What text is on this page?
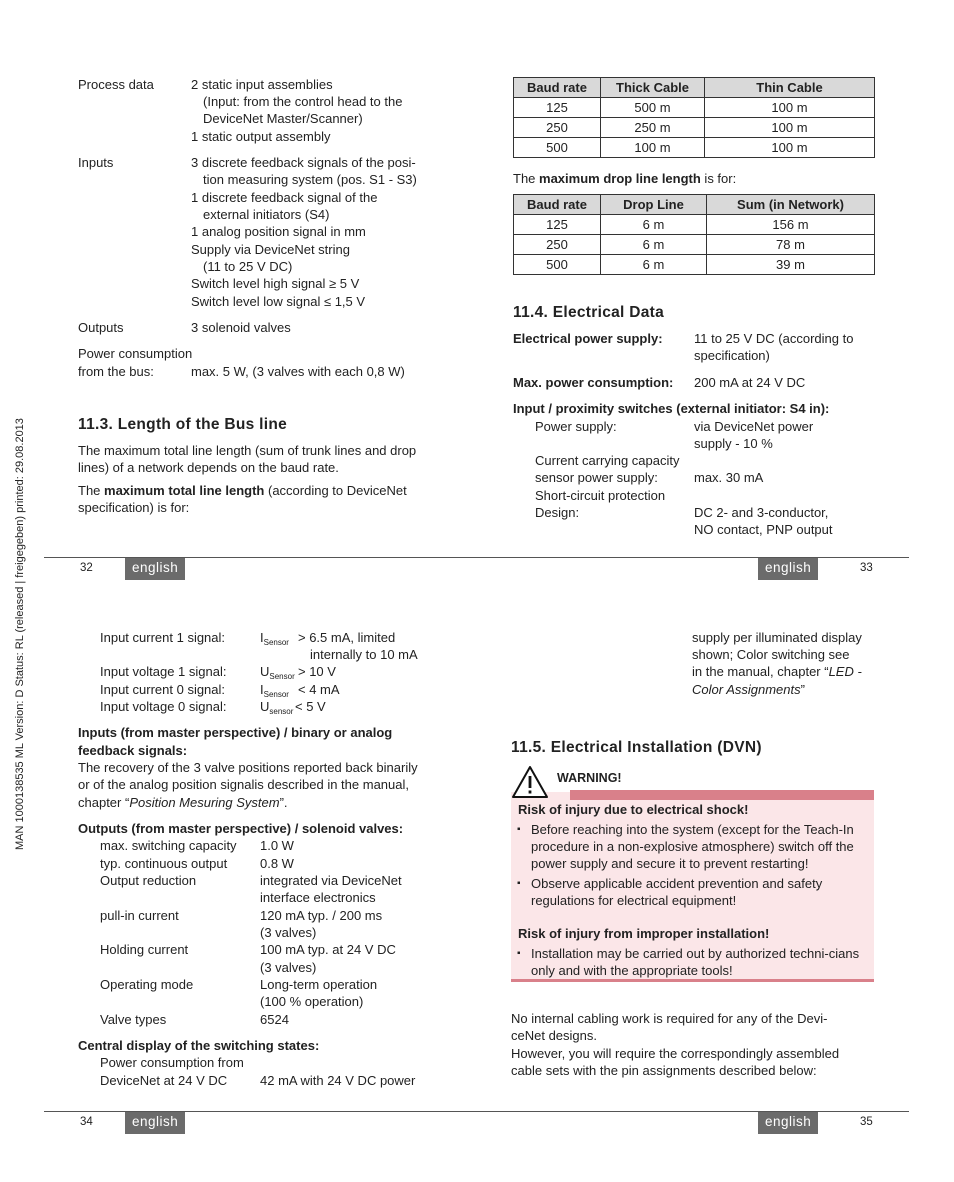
MAN 1000138535 ML Version: D Status: RL (released | freigegeben) printed: 29.08.2013
Process data	2 static input assemblies
(Input: from the control head to the
DeviceNet Master/Scanner)
1 static output assembly
Inputs	3 discrete feedback signals of the posi-
tion measuring system (pos. S1 - S3)
1 discrete feedback signal of the
external initiators (S4)
1 analog position signal in mm
Supply via DeviceNet string
(11 to 25 V DC)
Switch level high signal ≥ 5 V
Switch level low signal ≤ 1,5 V
Outputs	3 solenoid valves
Power consumption
from the bus:	max. 5 W, (3 valves with each 0,8 W)
11.3. Length of the Bus line
The maximum total line length (sum of trunk lines and drop lines) of a network depends on the baud rate.
The maximum total line length (according to DeviceNet specification) is for:
32	english
Baud rate	Thick Cable	Thin Cable
125	500 m	100 m
250	250 m	100 m
500	100 m	100 m
The maximum drop line length is for:
Baud rate	Drop Line	Sum (in Network)
125	6 m	156 m
250	6 m	78 m
500	6 m	39 m
11.4. Electrical Data
Electrical power supply: 11 to 25 V DC (according to
specification)
Max. power consumption: 200 mA at 24 V DC
Input / proximity switches (external initiator: S4 in):
Power supply:	via DeviceNet power
supply - 10 %
Current carrying capacity
sensor power supply:	max. 30 mA
Short-circuit protection
Design:	DC 2- and 3-conductor,
NO contact, PNP output
english	33
Input current 1 signal:	$I_{Sensor} > 6.5$ mA, limited
internally to 10 mA
Input voltage 1 signal:	$U_{Sensor} > 10$ V
Input current 0 signal:	$I_{Sensor} < 4$ mA
Input voltage 0 signal:	$U_{sensor} < 5$ V
Inputs (from master perspective) / binary or analog
feedback signals:
The recovery of the 3 valve positions reported back binarily
or of the analog position signalis described in the manual,
chapter “Position Mesuring System”.
Outputs (from master perspective) / solenoid valves:
max. switching capacity 1.0 W
typ. continuous output	0.8 W
Output reduction	integrated via DeviceNet
interface electronics
pull-in current	120 mA typ. / 200 ms
(3 valves)
Holding current	100 mA typ. at 24 V DC
(3 valves)
Operating mode	Long-term operation
(100 % operation)
Valve types	6524
Central display of the switching states:
Power consumption from
DeviceNet at 24 V DC	42 mA with 24 V DC power
34	english
supply per illuminated display
shown; Color switching see
in the manual, chapter “LED -
Color Assignments”
11.5. Electrical Installation (DVN)
WARNING!
Risk of injury due to electrical shock!
▪ Before reaching into the system (except for the Teach-In procedure in a non-explosive atmosphere) switch off the power supply and secure it to prevent restarting!
▪ Observe applicable accident prevention and safety regulations for electrical equipment!
Risk of injury from improper installation!
▪ Installation may be carried out by authorized techni-cians only and with the appropriate tools!
No internal cabling work is required for any of the Devi-ceNet designs.
However, you will require the correspondingly assembled cable sets with the pin assignments described below:
english	35
